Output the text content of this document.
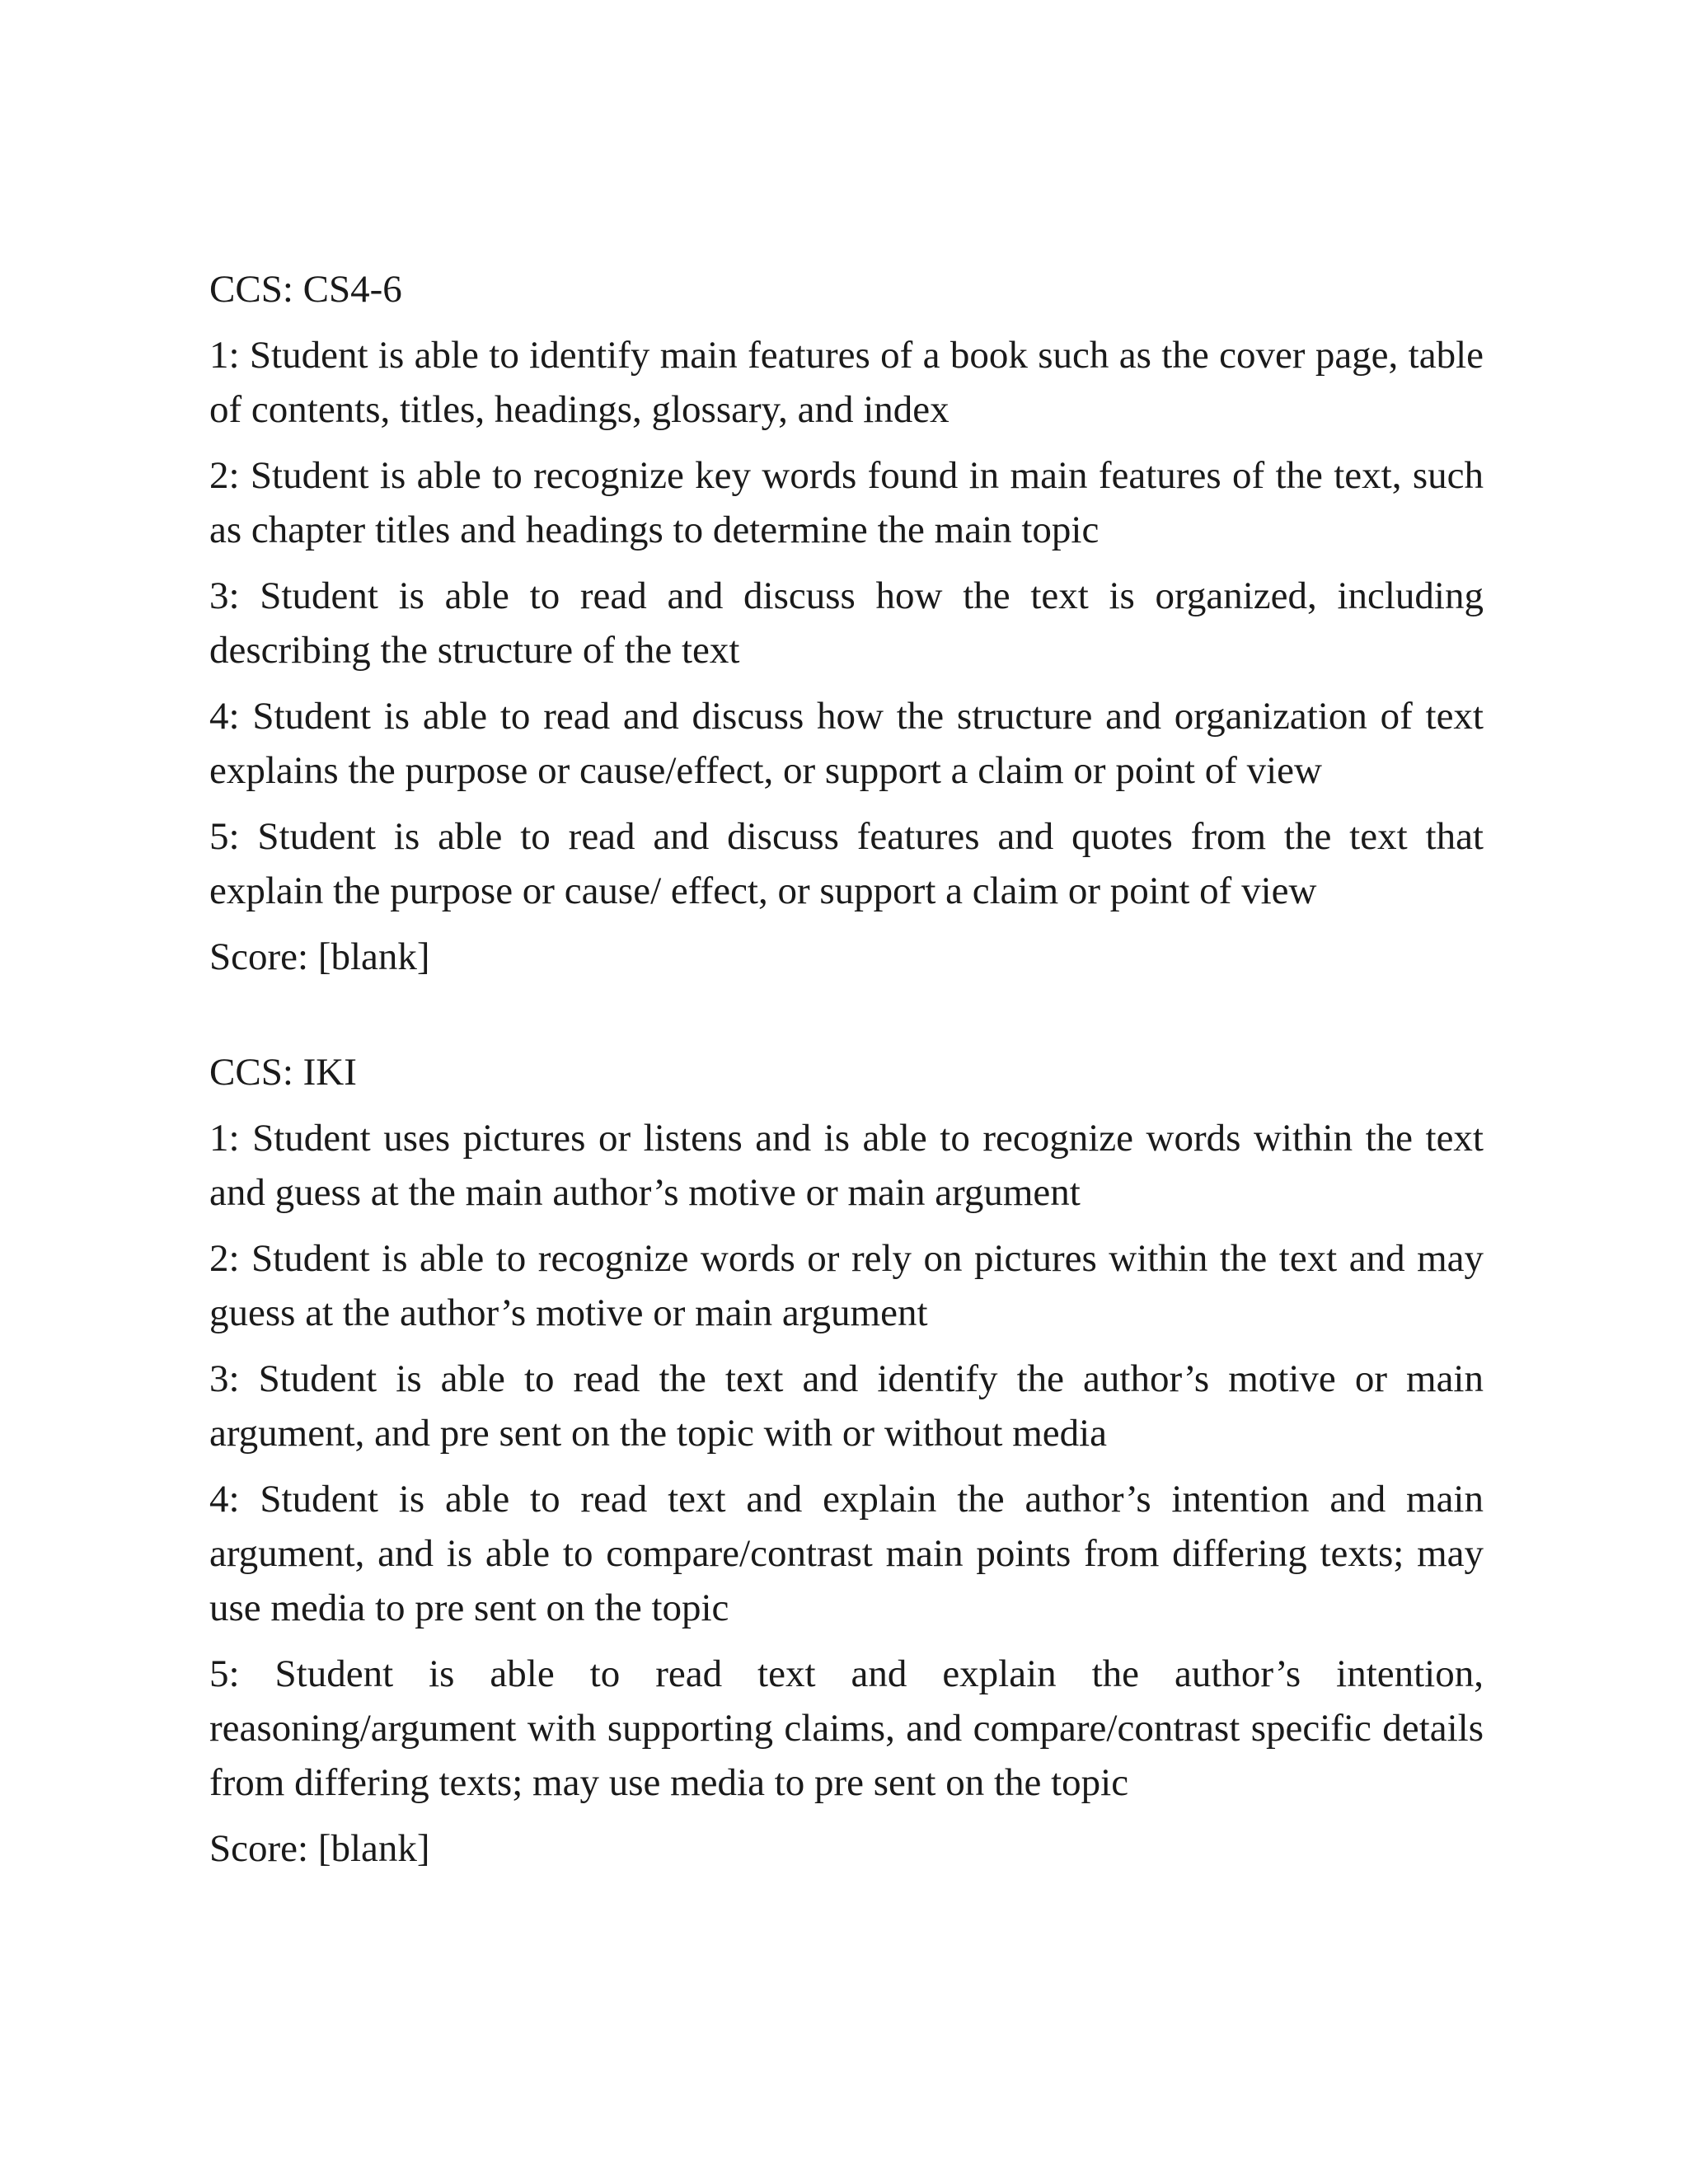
CCS: CS4-6

1: Student is able to identify main features of a book such as the cover page, table of contents, titles, headings, glossary, and index

2: Student is able to recognize key words found in main features of the text, such as chapter titles and headings to determine the main topic

3: Student is able to read and discuss how the text is organized, including describing the structure of the text

4: Student is able to read and discuss how the structure and organization of text explains the purpose or cause/effect, or support a claim or point of view

5: Student is able to read and discuss features and quotes from the text that explain the purpose or cause/ effect, or support a claim or point of view

Score: [blank]

CCS: IKI

1: Student uses pictures or listens and is able to recognize words within the text and guess at the main author’s motive or main argument

2: Student is able to recognize words or rely on pictures within the text and may guess at the author’s motive or main argument

3: Student is able to read the text and identify the author’s motive or main argument, and pre sent on the topic with or without media

4: Student is able to read text and explain the author’s intention and main argument, and is able to compare/contrast main points from differing texts; may use media to pre sent on the topic

5: Student is able to read text and explain the author’s intention, reasoning/argument with supporting claims, and compare/contrast specific details from differing texts; may use media to pre sent on the topic

Score: [blank]
